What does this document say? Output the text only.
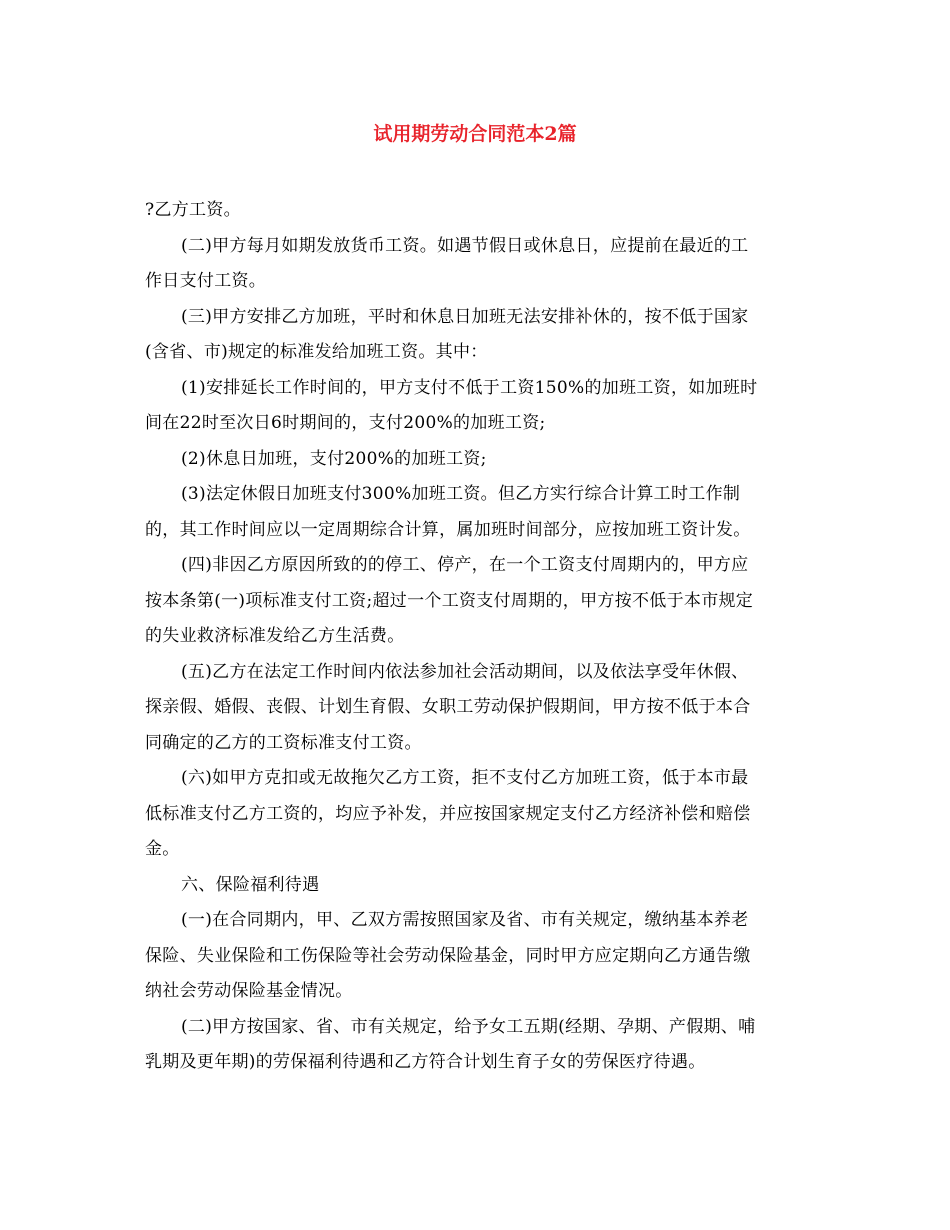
试用期劳动合同范本2篇
?乙方工资。
(二)甲方每月如期发放货币工资。如遇节假日或休息日，应提前在最近的工
作日支付工资。
(三)甲方安排乙方加班，平时和休息日加班无法安排补休的，按不低于国家
(含省、市)规定的标准发给加班工资。其中：
(1)安排延长工作时间的，甲方支付不低于工资150%的加班工资，如加班时
间在22时至次日6时期间的，支付200%的加班工资;
(2)休息日加班，支付200%的加班工资;
(3)法定休假日加班支付300%加班工资。但乙方实行综合计算工时工作制
的，其工作时间应以一定周期综合计算，属加班时间部分，应按加班工资计发。
(四)非因乙方原因所致的的停工、停产，在一个工资支付周期内的，甲方应
按本条第(一)项标准支付工资;超过一个工资支付周期的，甲方按不低于本市规定
的失业救济标准发给乙方生活费。
(五)乙方在法定工作时间内依法参加社会活动期间，以及依法享受年休假、
探亲假、婚假、丧假、计划生育假、女职工劳动保护假期间，甲方按不低于本合
同确定的乙方的工资标准支付工资。
(六)如甲方克扣或无故拖欠乙方工资，拒不支付乙方加班工资，低于本市最
低标准支付乙方工资的，均应予补发，并应按国家规定支付乙方经济补偿和赔偿
金。
六、保险福利待遇
(一)在合同期内，甲、乙双方需按照国家及省、市有关规定，缴纳基本养老
保险、失业保险和工伤保险等社会劳动保险基金，同时甲方应定期向乙方通告缴
纳社会劳动保险基金情况。
(二)甲方按国家、省、市有关规定，给予女工五期(经期、孕期、产假期、哺
乳期及更年期)的劳保福利待遇和乙方符合计划生育子女的劳保医疗待遇。
